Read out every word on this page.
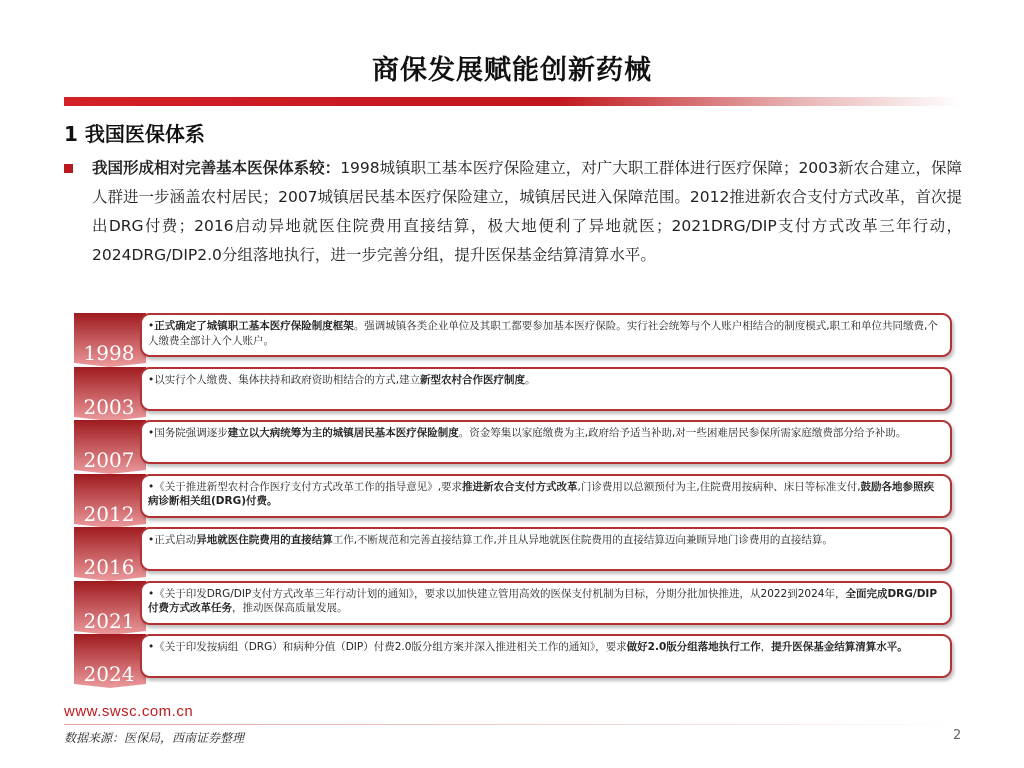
商保发展赋能创新药械
1 我国医保体系
我国形成相对完善基本医保体系较：1998城镇职工基本医疗保险建立，对广大职工群体进行医疗保障；2003新农合建立，保障人群进一步涵盖农村居民；2007城镇居民基本医疗保险建立，城镇居民进入保障范围。2012推进新农合支付方式改革，首次提出DRG付费；2016启动异地就医住院费用直接结算，极大地便利了异地就医；2021DRG/DIP支付方式改革三年行动，2024DRG/DIP2.0分组落地执行，进一步完善分组，提升医保基金结算清算水平。
1998
•正式确定了城镇职工基本医疗保险制度框架。强调城镇各类企业单位及其职工都要参加基本医疗保险。实行社会统筹与个人账户相结合的制度模式,职工和单位共同缴费,个人缴费全部计入个人账户。
2003
•以实行个人缴费、集体扶持和政府资助相结合的方式,建立新型农村合作医疗制度。
2007
•国务院强调逐步建立以大病统筹为主的城镇居民基本医疗保险制度。资金筹集以家庭缴费为主,政府给予适当补助,对一些困难居民参保所需家庭缴费部分给予补助。
2012
•《关于推进新型农村合作医疗支付方式改革工作的指导意见》,要求推进新农合支付方式改革,门诊费用以总额预付为主,住院费用按病种、床日等标准支付,鼓励各地参照疾病诊断相关组(DRG)付费。
2016
•正式启动异地就医住院费用的直接结算工作,不断规范和完善直接结算工作,并且从异地就医住院费用的直接结算迈向兼顾异地门诊费用的直接结算。
2021
•《关于印发DRG/DIP支付方式改革三年行动计划的通知》，要求以加快建立管用高效的医保支付机制为目标，分期分批加快推进，从2022到2024年，全面完成DRG/DIP付费方式改革任务，推动医保高质量发展。
2024
•《关于印发按病组（DRG）和病种分值（DIP）付费2.0版分组方案并深入推进相关工作的通知》，要求做好2.0版分组落地执行工作，提升医保基金结算清算水平。
www.swsc.com.cn
数据来源：医保局，西南证券整理	2
